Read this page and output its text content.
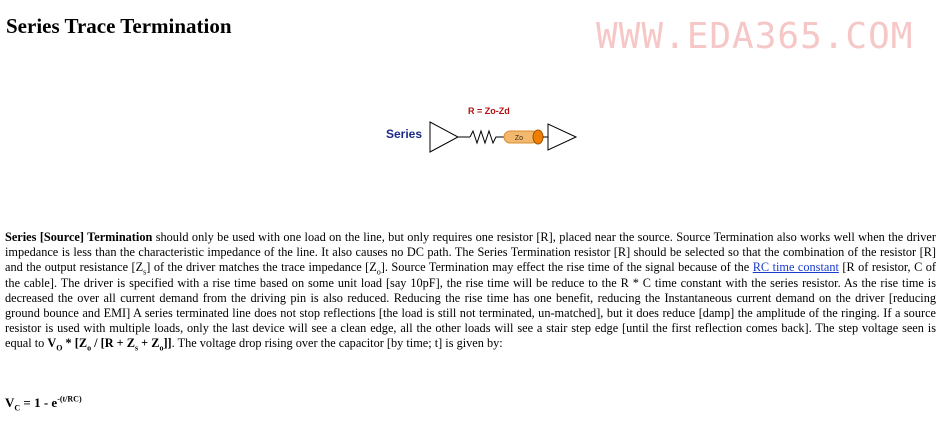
Series Trace Termination	WWW.EDA365.COM
Series
R = Zo-Zd
Zo
Series [Source] Termination should only be used with one load on the line, but only requires one resistor [R], placed near the source. Source Termination also works well when the driver impedance is less than the characteristic impedance of the line. It also causes no DC path. The Series Termination resistor [R] should be selected so that the combination of the resistor [R] and the output resistance $[Z_s]$ of the driver matches the trace impedance $[Z_o]$. Source Termination may effect the rise time of the signal because of the RC time constant [R of resistor, C of the cable]. The driver is specified with a rise time based on some unit load [say 10pF], the rise time will be reduce to the R * C time constant with the series resistor. As the rise time is decreased the over all current demand from the driving pin is also reduced. Reducing the rise time has one benefit, reducing the Instantaneous current demand on the driver [reducing ground bounce and EMI] A series terminated line does not stop reflections [the load is still not terminated, un-matched], but it does reduce [damp] the amplitude of the ringing. If a source resistor is used with multiple loads, only the last device will see a clean edge, all the other loads will see a stair step edge [until the first reflection comes back]. The step voltage seen is equal to $V_O * [Z_o / [R + Z_s + Z_o]]$. The voltage drop rising over the capacitor [by time; t] is given by:
$V_C = 1 - e^{-(t/RC)}$
